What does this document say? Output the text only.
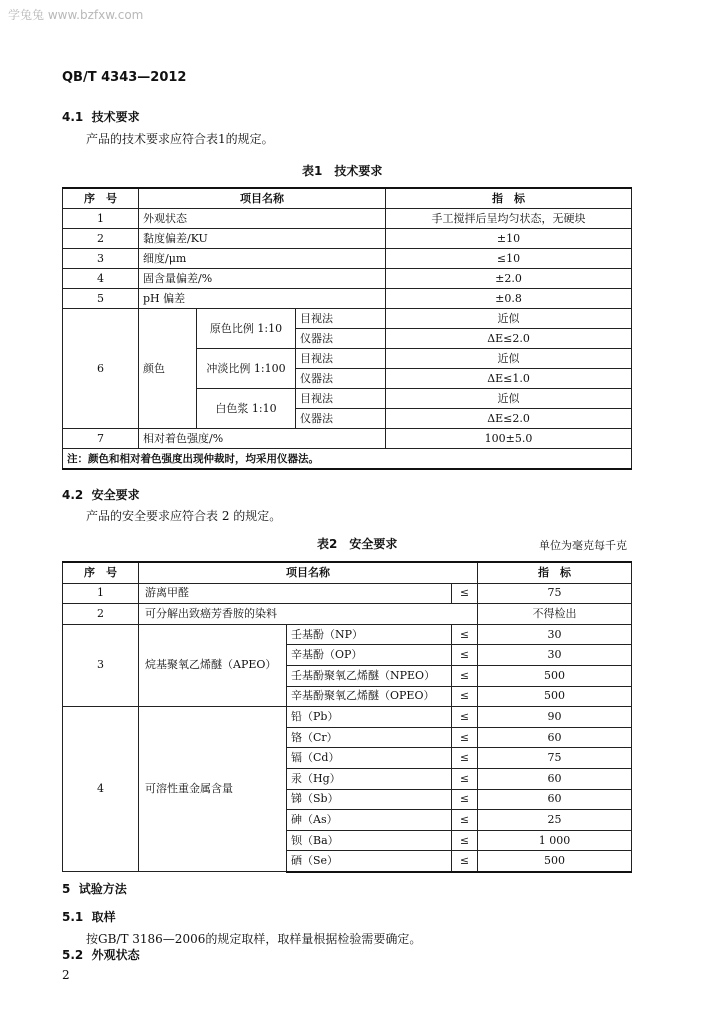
学兔兔 www.bzfxw.com
QB/T 4343—2012
4.1 技术要求
产品的技术要求应符合表1的规定。
表1　技术要求
序　号	项目名称			指　标
1	外观状态			手工搅拌后呈均匀状态，无硬块
2	黏度偏差/KU			±10
3	细度/μm			≤10
4	固含量偏差/%			±2.0
5	pH 偏差			±0.8
6	颜色	原色比例 1:10	目视法	近似
			仪器法	ΔE≤2.0
		冲淡比例 1:100	目视法	近似
			仪器法	ΔE≤1.0
		白色浆 1:10	目视法	近似
			仪器法	ΔE≤2.0
7	相对着色强度/%			100±5.0
注：颜色和相对着色强度出现仲裁时，均采用仪器法。				
4.2 安全要求
产品的安全要求应符合表 2 的规定。
表2　安全要求	单位为毫克每千克
序　号	项目名称			指　标
1	游离甲醛		≤	75
2	可分解出致癌芳香胺的染料			不得检出
3	烷基聚氧乙烯醚（APEO）	壬基酚（NP）	≤	30
		辛基酚（OP）	≤	30
		壬基酚聚氧乙烯醚（NPEO）	≤	500
		辛基酚聚氧乙烯醚（OPEO）	≤	500
4	可溶性重金属含量	铅（Pb）	≤	90
		铬（Cr）	≤	60
		镉（Cd）	≤	75
		汞（Hg）	≤	60
		锑（Sb）	≤	60
		砷（As）	≤	25
		钡（Ba）	≤	1 000
		硒（Se）	≤	500
5 试验方法
5.1 取样
按GB/T 3186—2006的规定取样，取样量根据检验需要确定。
5.2 外观状态
2
